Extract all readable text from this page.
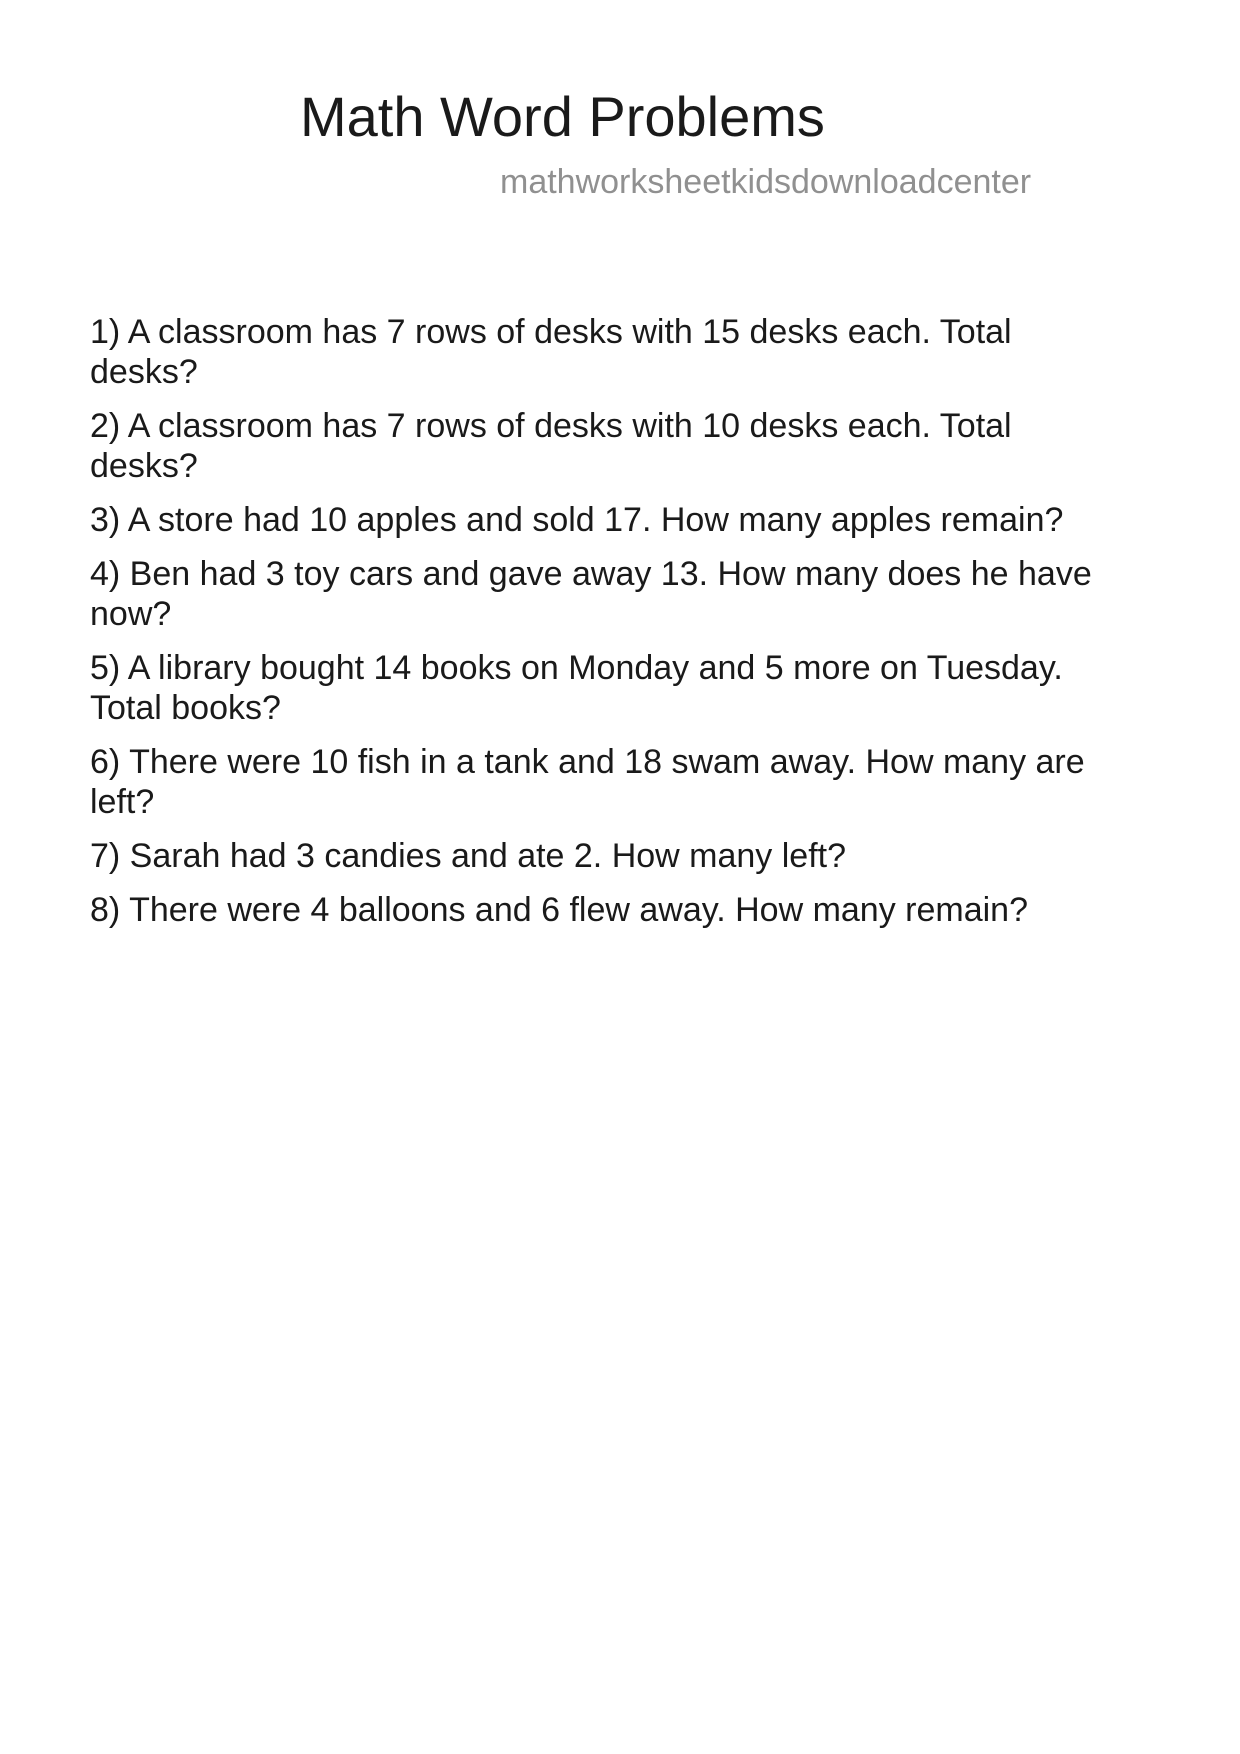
Math Word Problems
mathworksheetkidsdownloadcenter

1) A classroom has 7 rows of desks with 15 desks each. Total desks?

2) A classroom has 7 rows of desks with 10 desks each. Total desks?

3) A store had 10 apples and sold 17. How many apples remain?

4) Ben had 3 toy cars and gave away 13. How many does he have now?

5) A library bought 14 books on Monday and 5 more on Tuesday. Total books?

6) There were 10 fish in a tank and 18 swam away. How many are left?

7) Sarah had 3 candies and ate 2. How many left?

8) There were 4 balloons and 6 flew away. How many remain?
